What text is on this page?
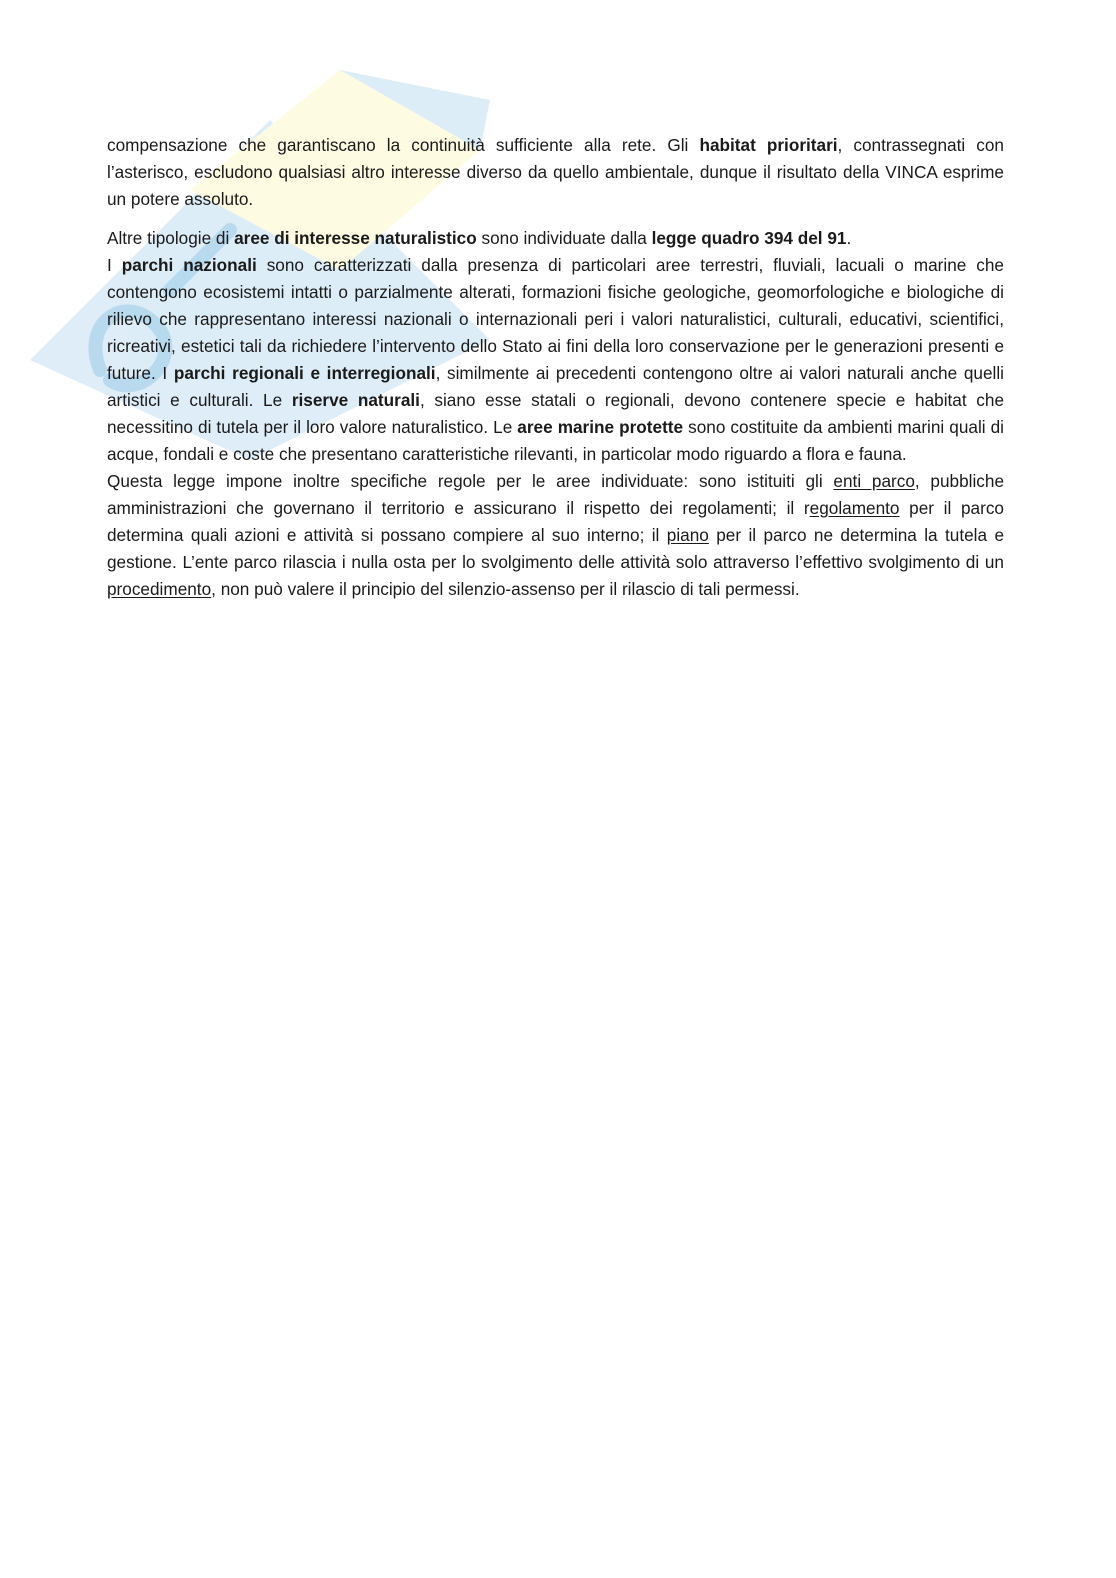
compensazione che garantiscano la continuità sufficiente alla rete. Gli habitat prioritari, contrassegnati con l’asterisco, escludono qualsiasi altro interesse diverso da quello ambientale, dunque il risultato della VINCA esprime un potere assoluto.

Altre tipologie di aree di interesse naturalistico sono individuate dalla legge quadro 394 del 91.

I parchi nazionali sono caratterizzati dalla presenza di particolari aree terrestri, fluviali, lacuali o marine che contengono ecosistemi intatti o parzialmente alterati, formazioni fisiche geologiche, geomorfologiche e biologiche di rilievo che rappresentano interessi nazionali o internazionali peri i valori naturalistici, culturali, educativi, scientifici, ricreativi, estetici tali da richiedere l’intervento dello Stato ai fini della loro conservazione per le generazioni presenti e future. I parchi regionali e interregionali, similmente ai precedenti contengono oltre ai valori naturali anche quelli artistici e culturali. Le riserve naturali, siano esse statali o regionali, devono contenere specie e habitat che necessitino di tutela per il loro valore naturalistico. Le aree marine protette sono costituite da ambienti marini quali di acque, fondali e coste che presentano caratteristiche rilevanti, in particolar modo riguardo a flora e fauna.

Questa legge impone inoltre specifiche regole per le aree individuate: sono istituiti gli enti parco, pubbliche amministrazioni che governano il territorio e assicurano il rispetto dei regolamenti; il regolamento per il parco determina quali azioni e attività si possano compiere al suo interno; il piano per il parco ne determina la tutela e gestione. L’ente parco rilascia i nulla osta per lo svolgimento delle attività solo attraverso l’effettivo svolgimento di un procedimento, non può valere il principio del silenzio-assenso per il rilascio di tali permessi.
